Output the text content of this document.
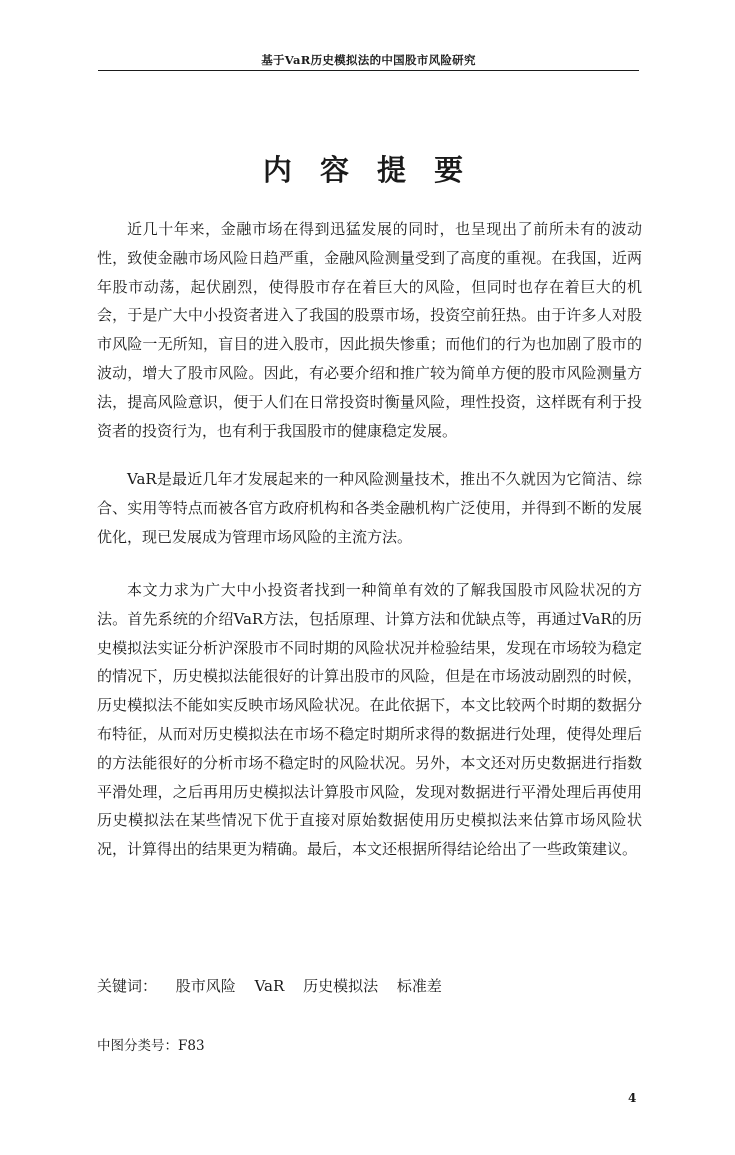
基于VaR历史模拟法的中国股市风险研究
内 容 提 要

近几十年来，金融市场在得到迅猛发展的同时，也呈现出了前所未有的波动性，致使金融市场风险日趋严重，金融风险测量受到了高度的重视。在我国，近两年股市动荡，起伏剧烈，使得股市存在着巨大的风险，但同时也存在着巨大的机会，于是广大中小投资者进入了我国的股票市场，投资空前狂热。由于许多人对股市风险一无所知，盲目的进入股市，因此损失惨重；而他们的行为也加剧了股市的波动，增大了股市风险。因此，有必要介绍和推广较为简单方便的股市风险测量方法，提高风险意识，便于人们在日常投资时衡量风险，理性投资，这样既有利于投资者的投资行为，也有利于我国股市的健康稳定发展。

VaR是最近几年才发展起来的一种风险测量技术，推出不久就因为它简洁、综合、实用等特点而被各官方政府机构和各类金融机构广泛使用，并得到不断的发展优化，现已发展成为管理市场风险的主流方法。

本文力求为广大中小投资者找到一种简单有效的了解我国股市风险状况的方法。首先系统的介绍VaR方法，包括原理、计算方法和优缺点等，再通过VaR的历史模拟法实证分析沪深股市不同时期的风险状况并检验结果，发现在市场较为稳定的情况下，历史模拟法能很好的计算出股市的风险，但是在市场波动剧烈的时候，历史模拟法不能如实反映市场风险状况。在此依据下，本文比较两个时期的数据分布特征，从而对历史模拟法在市场不稳定时期所求得的数据进行处理，使得处理后的方法能很好的分析市场不稳定时的风险状况。另外，本文还对历史数据进行指数平滑处理，之后再用历史模拟法计算股市风险，发现对数据进行平滑处理后再使用历史模拟法在某些情况下优于直接对原始数据使用历史模拟法来估算市场风险状况，计算得出的结果更为精确。最后，本文还根据所得结论给出了一些政策建议。

关键词： 股市风险 VaR 历史模拟法 标准差
中图分类号：F83
4
